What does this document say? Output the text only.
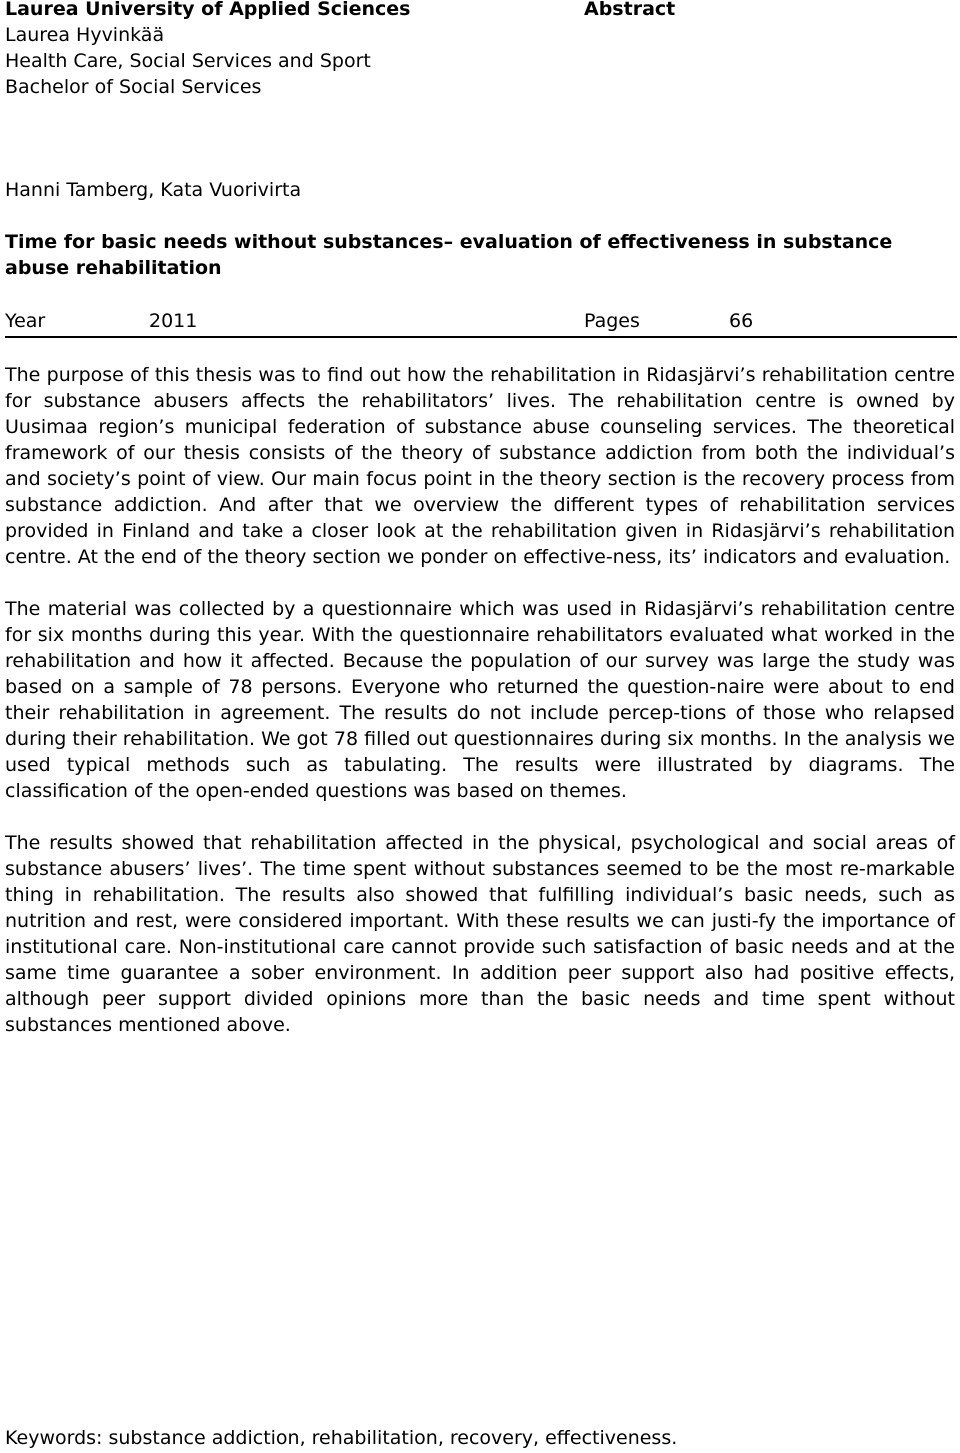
Laurea University of Applied Sciences
Laurea Hyvinkää
Health Care, Social Services and Sport
Bachelor of Social Services
Abstract
Hanni Tamberg, Kata Vuorivirta
Time for basic needs without substances– evaluation of effectiveness in substance abuse rehabilitation
Year	2011	Pages	66

The purpose of this thesis was to find out how the rehabilitation in Ridasjärvi’s rehabilitation centre for substance abusers affects the rehabilitators’ lives. The rehabilitation centre is owned by Uusimaa region’s municipal federation of substance abuse counseling services. The theoretical framework of our thesis consists of the theory of substance addiction from both the individual’s and society’s point of view. Our main focus point in the theory section is the recovery process from substance addiction. And after that we overview the different types of rehabilitation services provided in Finland and take a closer look at the rehabilitation given in Ridasjärvi’s rehabilitation centre. At the end of the theory section we ponder on effective-ness, its’ indicators and evaluation.

The material was collected by a questionnaire which was used in Ridasjärvi’s rehabilitation centre for six months during this year. With the questionnaire rehabilitators evaluated what worked in the rehabilitation and how it affected. Because the population of our survey was large the study was based on a sample of 78 persons. Everyone who returned the question-naire were about to end their rehabilitation in agreement. The results do not include percep-tions of those who relapsed during their rehabilitation. We got 78 filled out questionnaires during six months. In the analysis we used typical methods such as tabulating. The results were illustrated by diagrams. The classification of the open-ended questions was based on themes.

The results showed that rehabilitation affected in the physical, psychological and social areas of substance abusers’ lives’. The time spent without substances seemed to be the most re-markable thing in rehabilitation. The results also showed that fulfilling individual’s basic needs, such as nutrition and rest, were considered important. With these results we can justi-fy the importance of institutional care. Non-institutional care cannot provide such satisfaction of basic needs and at the same time guarantee a sober environment. In addition peer support also had positive effects, although peer support divided opinions more than the basic needs and time spent without substances mentioned above.

Keywords: substance addiction, rehabilitation, recovery, effectiveness.
